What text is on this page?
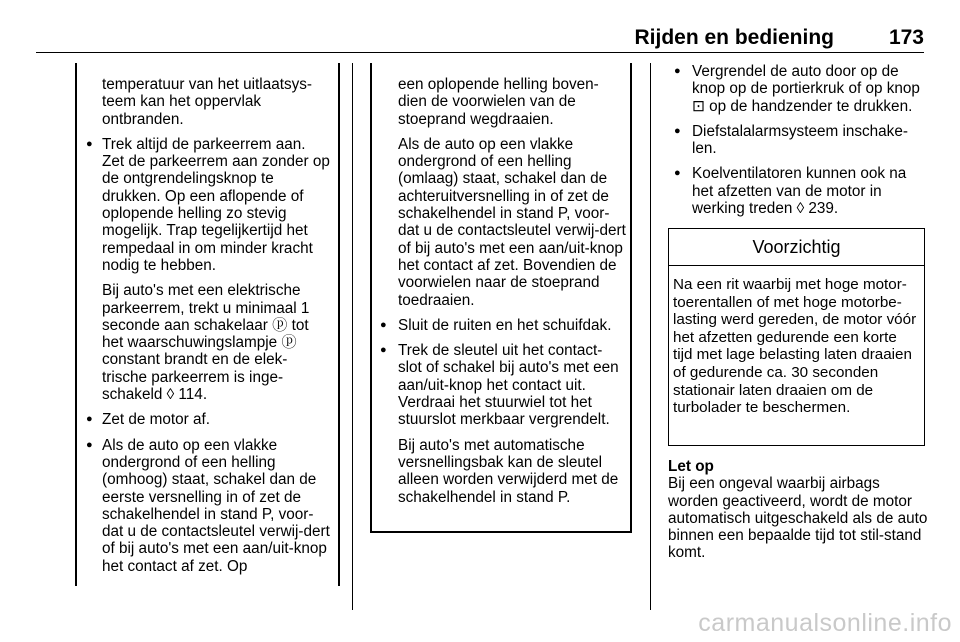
Rijden en bediening	173

temperatuur van het uitlaatsys-teem kan het oppervlak ontbranden.

● Trek altijd de parkeerrem aan. Zet de parkeerrem aan zonder op de ontgrendelingsknop te drukken. Op een aflopende of oplopende helling zo stevig mogelijk. Trap tegelijkertijd het rempedaal in om minder kracht nodig te hebben.

Bij auto's met een elektrische parkeerrem, trekt u minimaal 1 seconde aan schakelaar ⓟ tot het waarschuwingslampje ⓟ constant brandt en de elek-trische parkeerrem is inge-schakeld ◊ 114.

● Zet de motor af.

● Als de auto op een vlakke ondergrond of een helling (omhoog) staat, schakel dan de eerste versnelling in of zet de schakelhendel in stand P, voor-dat u de contactsleutel verwij-dert of bij auto's met een aan/uit-knop het contact af zet. Op

een oplopende helling boven-dien de voorwielen van de stoeprand wegdraaien.

Als de auto op een vlakke ondergrond of een helling (omlaag) staat, schakel dan de achteruitversnelling in of zet de schakelhendel in stand P, voor-dat u de contactsleutel verwij-dert of bij auto's met een aan/uit-knop het contact af zet. Bovendien de voorwielen naar de stoeprand toedraaien.

● Sluit de ruiten en het schuifdak.

● Trek de sleutel uit het contact-slot of schakel bij auto's met een aan/uit-knop het contact uit. Verdraai het stuurwiel tot het stuurslot merkbaar vergrendelt.

Bij auto's met automatische versnellingsbak kan de sleutel alleen worden verwijderd met de schakelhendel in stand P.

● Vergrendel de auto door op de knop op de portierkruk of op knop ⊡ op de handzender te drukken.

● Diefstalalarmsysteem inschake-len.

● Koelventilatoren kunnen ook na het afzetten van de motor in werking treden ◊ 239.

Voorzichtig
Na een rit waarbij met hoge motor-toerentallen of met hoge motorbe-lasting werd gereden, de motor vóór het afzetten gedurende een korte tijd met lage belasting laten draaien of gedurende ca. 30 seconden stationair laten draaien om de turbolader te beschermen.
Let op
Bij een ongeval waarbij airbags worden geactiveerd, wordt de motor automatisch uitgeschakeld als de auto binnen een bepaalde tijd tot stil-stand komt.
carmanualsonline.info
